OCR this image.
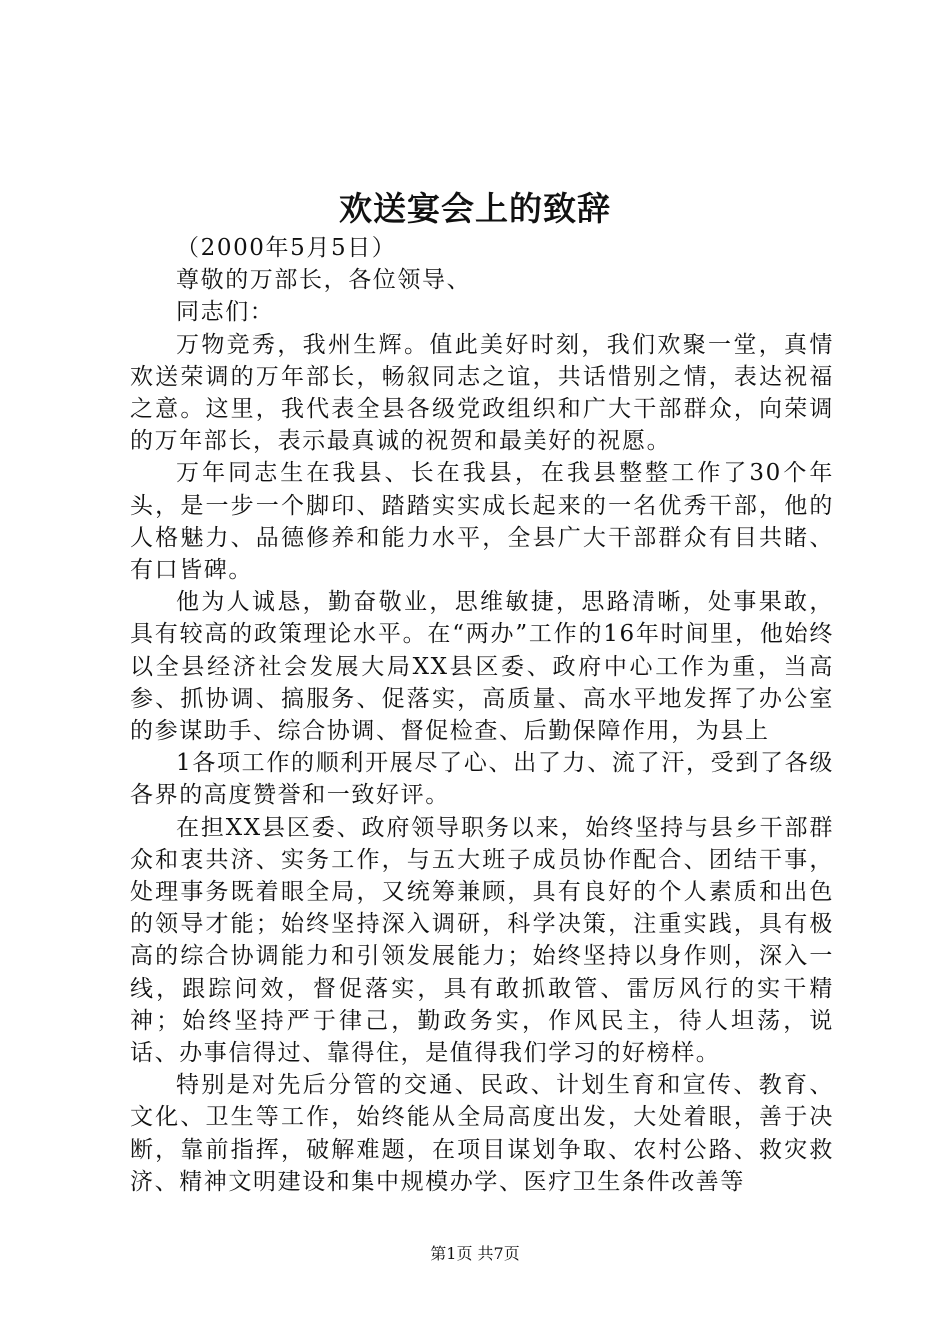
欢送宴会上的致辞

（2000年5月5日）

尊敬的万部长，各位领导、

同志们：

万物竞秀，我州生辉。值此美好时刻，我们欢聚一堂，真情欢送荣调的万年部长，畅叙同志之谊，共话惜别之情，表达祝福之意。这里，我代表全县各级党政组织和广大干部群众，向荣调的万年部长，表示最真诚的祝贺和最美好的祝愿。

万年同志生在我县、长在我县，在我县整整工作了30个年头，是一步一个脚印、踏踏实实成长起来的一名优秀干部，他的人格魅力、品德修养和能力水平，全县广大干部群众有目共睹、有口皆碑。

他为人诚恳，勤奋敬业，思维敏捷，思路清晰，处事果敢，具有较高的政策理论水平。在“两办”工作的16年时间里，他始终以全县经济社会发展大局XX县区委、政府中心工作为重，当高参、抓协调、搞服务、促落实，高质量、高水平地发挥了办公室的参谋助手、综合协调、督促检查、后勤保障作用，为县上

1各项工作的顺利开展尽了心、出了力、流了汗，受到了各级各界的高度赞誉和一致好评。

在担XX县区委、政府领导职务以来，始终坚持与县乡干部群众和衷共济、实务工作，与五大班子成员协作配合、团结干事，处理事务既着眼全局，又统筹兼顾，具有良好的个人素质和出色的领导才能；始终坚持深入调研，科学决策，注重实践，具有极高的综合协调能力和引领发展能力；始终坚持以身作则，深入一线，跟踪问效，督促落实，具有敢抓敢管、雷厉风行的实干精神；始终坚持严于律己，勤政务实，作风民主，待人坦荡，说话、办事信得过、靠得住，是值得我们学习的好榜样。

特别是对先后分管的交通、民政、计划生育和宣传、教育、文化、卫生等工作，始终能从全局高度出发，大处着眼，善于决断，靠前指挥，破解难题，在项目谋划争取、农村公路、救灾救济、精神文明建设和集中规模办学、医疗卫生条件改善等

第1页 共7页
